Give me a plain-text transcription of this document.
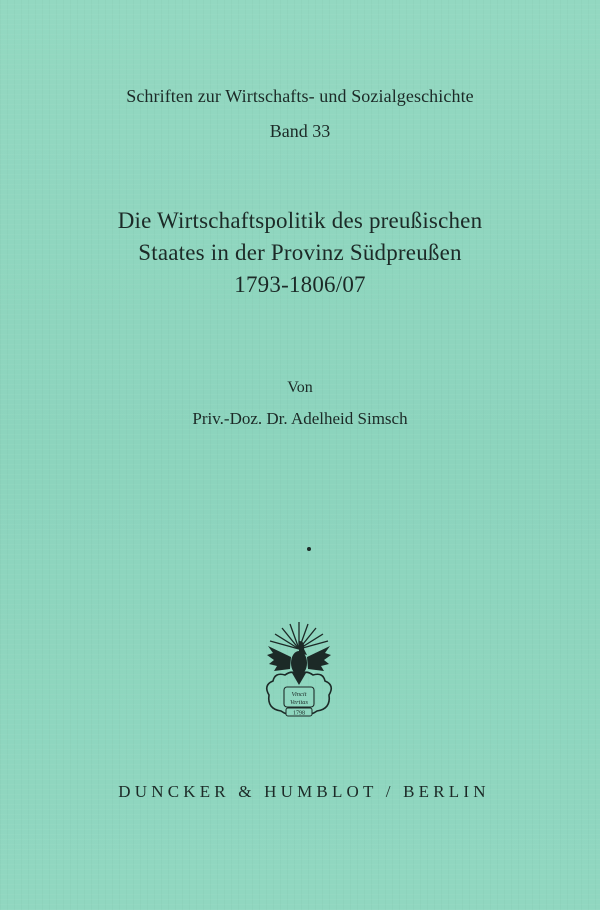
Schriften zur Wirtschafts- und Sozialgeschichte
Band 33
Die Wirtschaftspolitik des preußischen
Staates in der Provinz Südpreußen
1793-1806/07
Von
Priv.-Doz. Dr. Adelheid Simsch
Vincit
Veritas
1798
DUNCKER & HUMBLOT / BERLIN
